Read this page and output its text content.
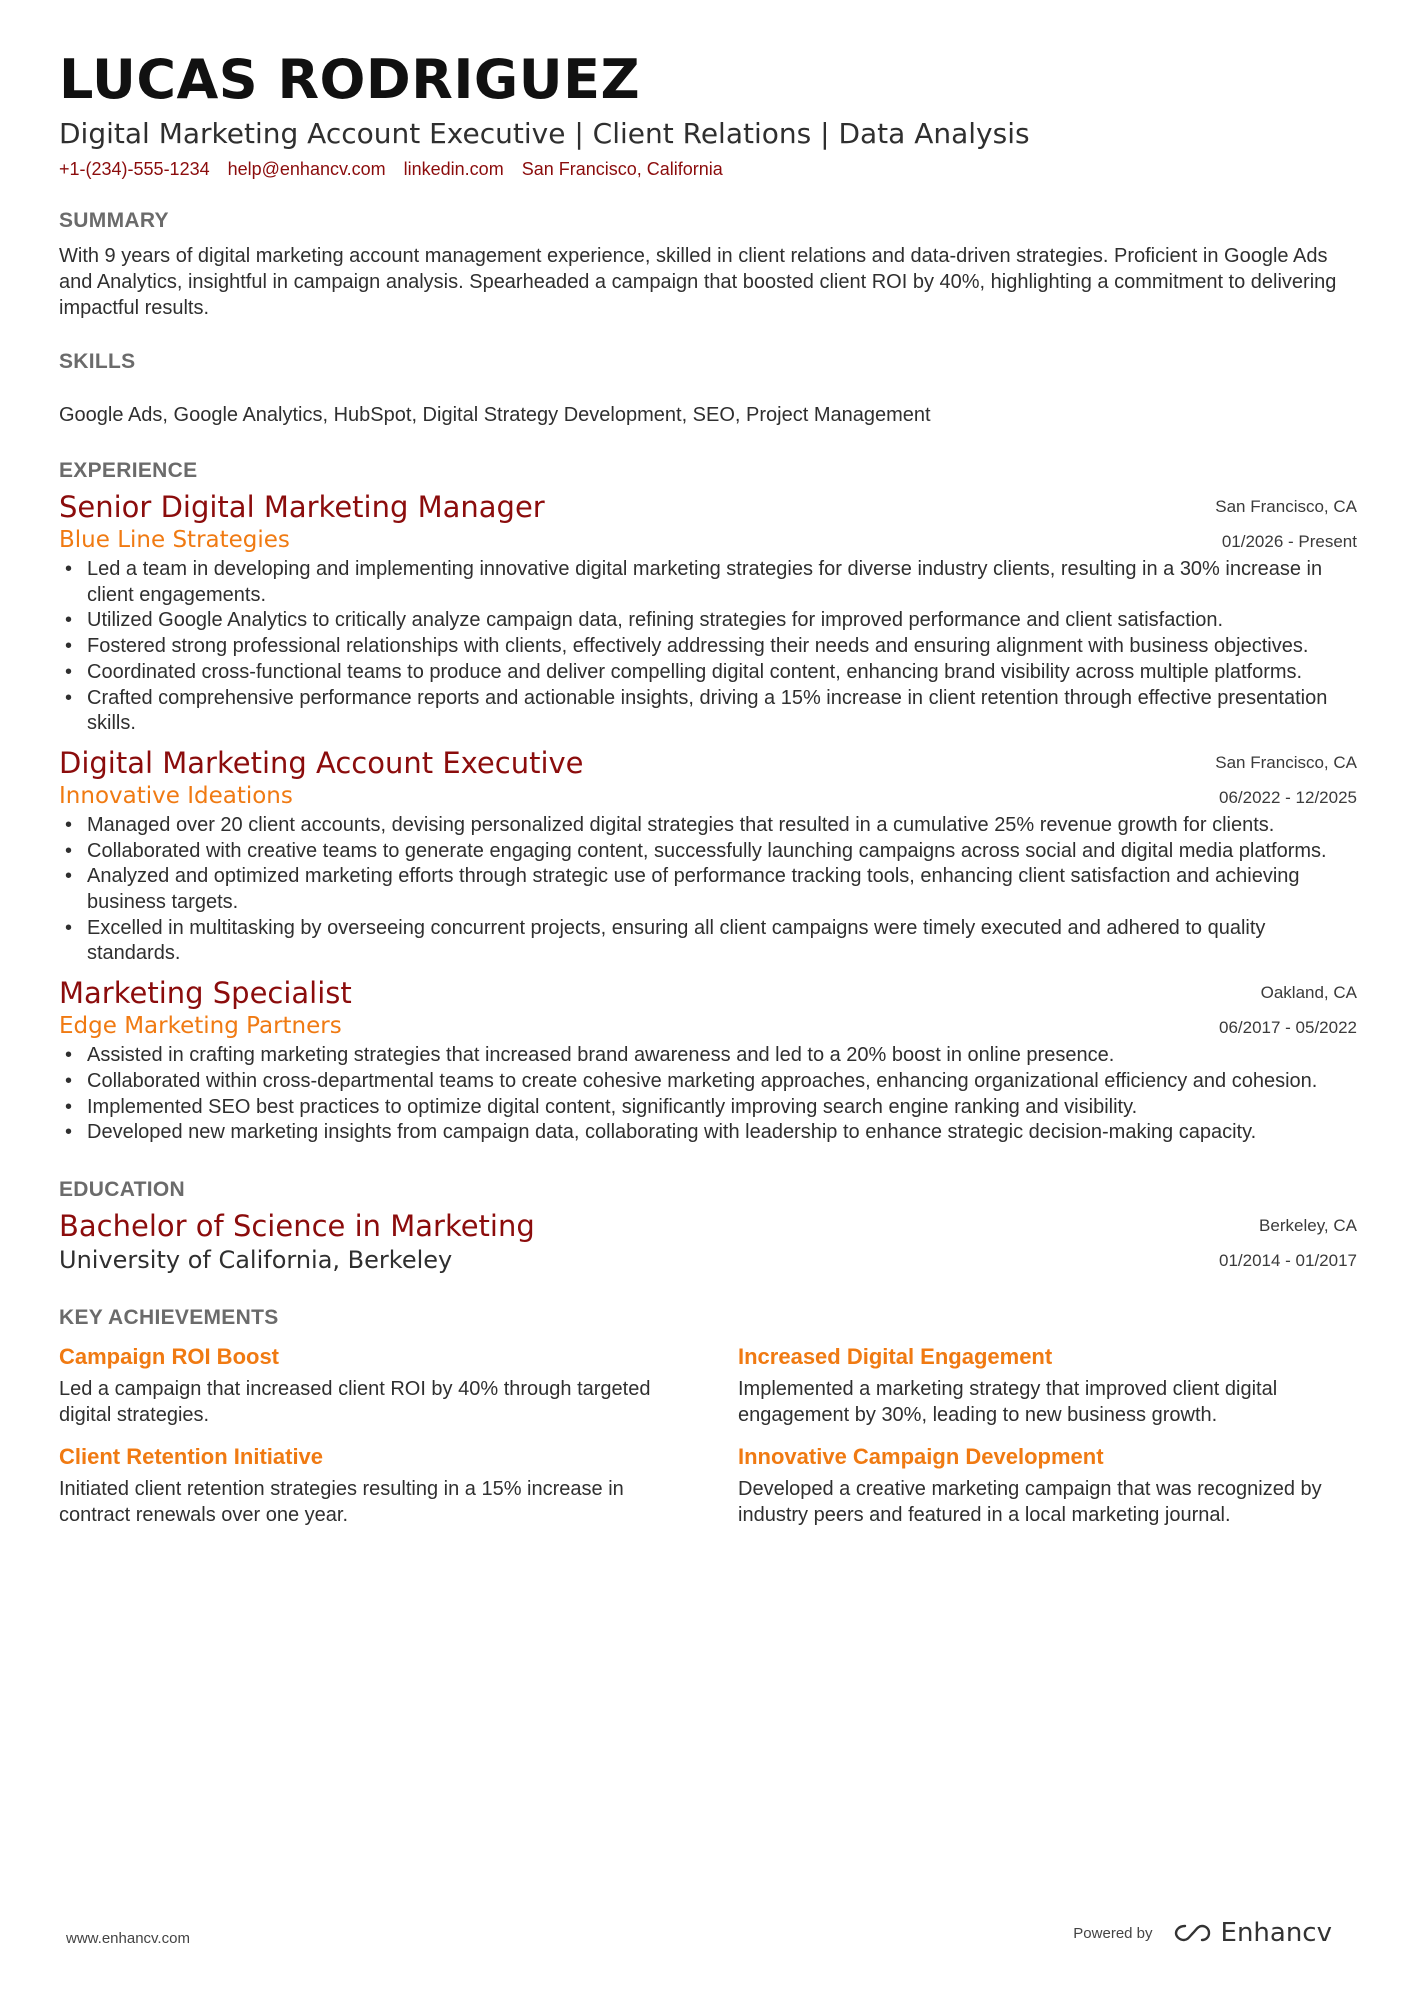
LUCAS RODRIGUEZ
Digital Marketing Account Executive | Client Relations | Data Analysis
+1-(234)-555-1234 help@enhancv.com linkedin.com San Francisco, California
SUMMARY
With 9 years of digital marketing account management experience, skilled in client relations and data-driven strategies. Proficient in Google Ads and Analytics, insightful in campaign analysis. Spearheaded a campaign that boosted client ROI by 40%, highlighting a commitment to delivering impactful results.
SKILLS
Google Ads, Google Analytics, HubSpot, Digital Strategy Development, SEO, Project Management
EXPERIENCE
Senior Digital Marketing Manager
Blue Line Strategies
San Francisco, CA
01/2026 - Present
• Led a team in developing and implementing innovative digital marketing strategies for diverse industry clients, resulting in a 30% increase in client engagements.
• Utilized Google Analytics to critically analyze campaign data, refining strategies for improved performance and client satisfaction.
• Fostered strong professional relationships with clients, effectively addressing their needs and ensuring alignment with business objectives.
• Coordinated cross-functional teams to produce and deliver compelling digital content, enhancing brand visibility across multiple platforms.
• Crafted comprehensive performance reports and actionable insights, driving a 15% increase in client retention through effective presentation skills.
Digital Marketing Account Executive
Innovative Ideations
San Francisco, CA
06/2022 - 12/2025
• Managed over 20 client accounts, devising personalized digital strategies that resulted in a cumulative 25% revenue growth for clients.
• Collaborated with creative teams to generate engaging content, successfully launching campaigns across social and digital media platforms.
• Analyzed and optimized marketing efforts through strategic use of performance tracking tools, enhancing client satisfaction and achieving business targets.
• Excelled in multitasking by overseeing concurrent projects, ensuring all client campaigns were timely executed and adhered to quality standards.
Marketing Specialist
Edge Marketing Partners
Oakland, CA
06/2017 - 05/2022
• Assisted in crafting marketing strategies that increased brand awareness and led to a 20% boost in online presence.
• Collaborated within cross-departmental teams to create cohesive marketing approaches, enhancing organizational efficiency and cohesion.
• Implemented SEO best practices to optimize digital content, significantly improving search engine ranking and visibility.
• Developed new marketing insights from campaign data, collaborating with leadership to enhance strategic decision-making capacity.
EDUCATION
Bachelor of Science in Marketing
University of California, Berkeley
Berkeley, CA
01/2014 - 01/2017
KEY ACHIEVEMENTS
Campaign ROI Boost
Led a campaign that increased client ROI by 40% through targeted digital strategies.
Increased Digital Engagement
Implemented a marketing strategy that improved client digital engagement by 30%, leading to new business growth.
Client Retention Initiative
Initiated client retention strategies resulting in a 15% increase in contract renewals over one year.
Innovative Campaign Development
Developed a creative marketing campaign that was recognized by industry peers and featured in a local marketing journal.
www.enhancv.com	Powered by	Enhancv
